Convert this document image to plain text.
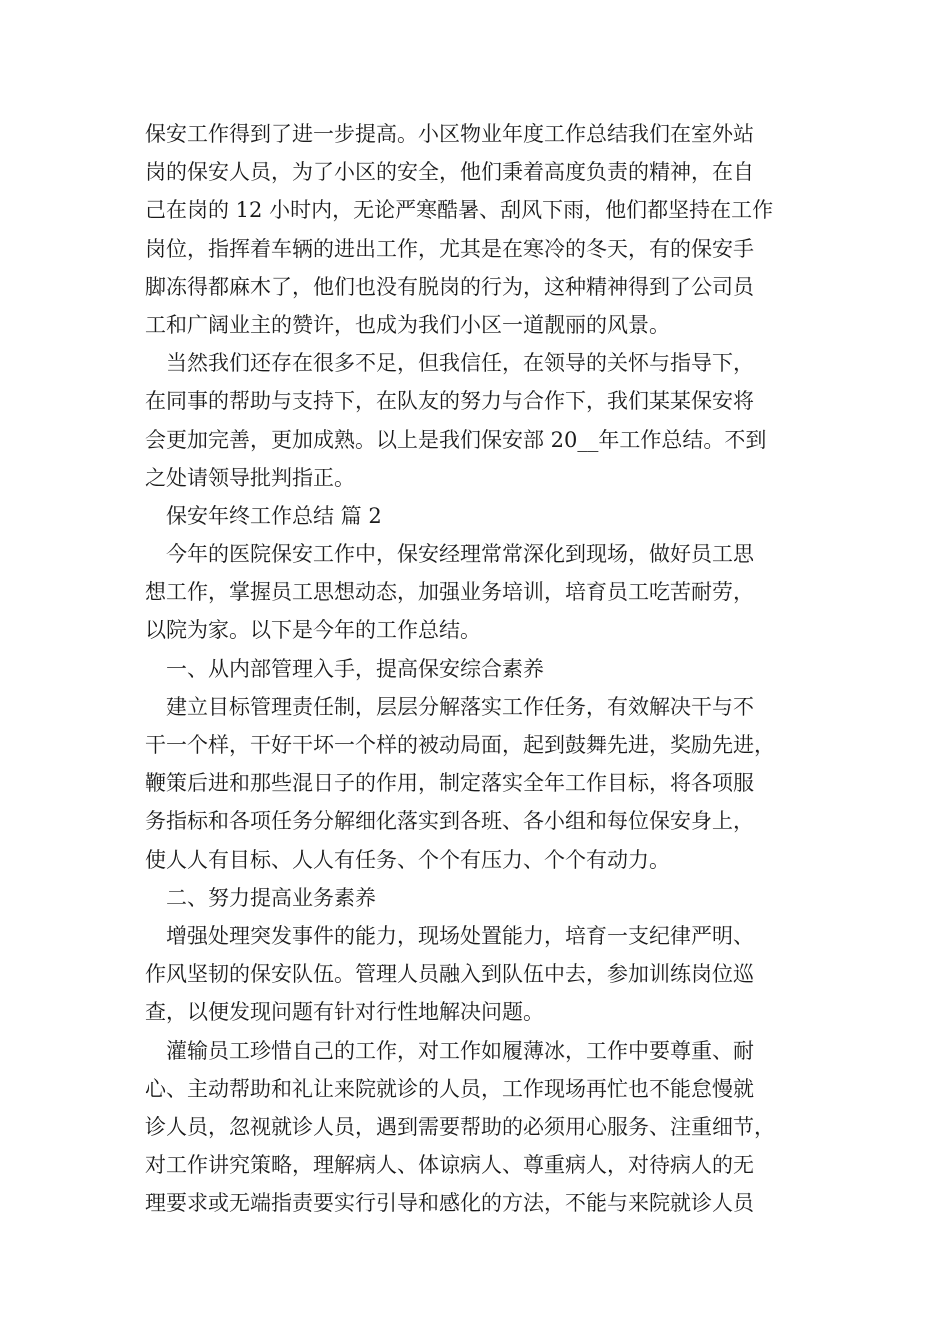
保安工作得到了进一步提高。小区物业年度工作总结我们在室外站
岗的保安人员，为了小区的安全，他们秉着高度负责的精神，在自
己在岗的 12 小时内，无论严寒酷暑、刮风下雨，他们都坚持在工作
岗位，指挥着车辆的进出工作，尤其是在寒冷的冬天，有的保安手
脚冻得都麻木了，他们也没有脱岗的行为，这种精神得到了公司员
工和广阔业主的赞许，也成为我们小区一道靓丽的风景。
当然我们还存在很多不足，但我信任，在领导的关怀与指导下，
在同事的帮助与支持下，在队友的努力与合作下，我们某某保安将
会更加完善，更加成熟。以上是我们保安部 20__年工作总结。不到
之处请领导批判指正。
保安年终工作总结 篇 2
今年的医院保安工作中，保安经理常常深化到现场，做好员工思
想工作，掌握员工思想动态，加强业务培训，培育员工吃苦耐劳，
以院为家。以下是今年的工作总结。
一、从内部管理入手，提高保安综合素养
建立目标管理责任制，层层分解落实工作任务，有效解决干与不
干一个样，干好干坏一个样的被动局面，起到鼓舞先进，奖励先进，
鞭策后进和那些混日子的作用，制定落实全年工作目标，将各项服
务指标和各项任务分解细化落实到各班、各小组和每位保安身上，
使人人有目标、人人有任务、个个有压力、个个有动力。
二、努力提高业务素养
增强处理突发事件的能力，现场处置能力，培育一支纪律严明、
作风坚韧的保安队伍。管理人员融入到队伍中去，参加训练岗位巡
查，以便发现问题有针对行性地解决问题。
灌输员工珍惜自己的工作，对工作如履薄冰，工作中要尊重、耐
心、主动帮助和礼让来院就诊的人员，工作现场再忙也不能怠慢就
诊人员，忽视就诊人员，遇到需要帮助的必须用心服务、注重细节，
对工作讲究策略，理解病人、体谅病人、尊重病人，对待病人的无
理要求或无端指责要实行引导和感化的方法，不能与来院就诊人员
